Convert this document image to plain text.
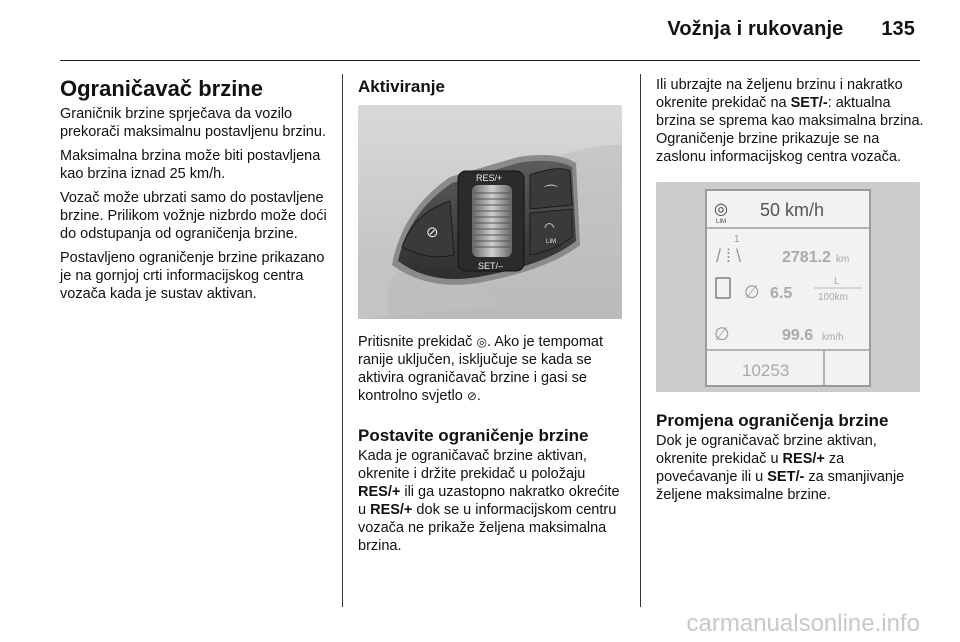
Vožnja i rukovanje 135
Ograničavač brzine

Graničnik brzine sprječava da vozilo prekorači maksimalnu postavljenu brzinu.

Maksimalna brzina može biti postavljena kao brzina iznad 25 km/h.

Vozač može ubrzati samo do postavljene brzine. Prilikom vožnje nizbrdo može doći do odstupanja od ograničenja brzine.

Postavljeno ograničenje brzine prikazano je na gornjoj crti informacijskog centra vozača kada je sustav aktivan.

Aktiviranje
⊘
RES/+
SET/–
⌒
◠
LIM

Pritisnite prekidač ◎. Ako je tempomat ranije uključen, isključuje se kada se aktivira ograničavač brzine i gasi se kontrolno svjetlo ⊘.

Postavite ograničenje brzine

Kada je ograničavač brzine aktivan, okrenite i držite prekidač u položaju RES/+ ili ga uzastopno nakratko okrećite u RES/+ dok se u informacijskom centru vozača ne prikaže željena maksimalna brzina.

Ili ubrzajte na željenu brzinu i nakratko okrenite prekidač na SET/-: aktualna brzina se sprema kao maksimalna brzina. Ograničenje brzine prikazuje se na zaslonu informacijskog centra vozača.

◎
LIM
50 km/h
1
/ ⁞ \	2781.2 km
∅ 6.5
L
100km
∅	99.6 km/h
10253
Promjena ograničenja brzine

Dok je ograničavač brzine aktivan, okrenite prekidač u RES/+ za povećavanje ili u SET/- za smanjivanje željene maksimalne brzine.

carmanualsonline.info
